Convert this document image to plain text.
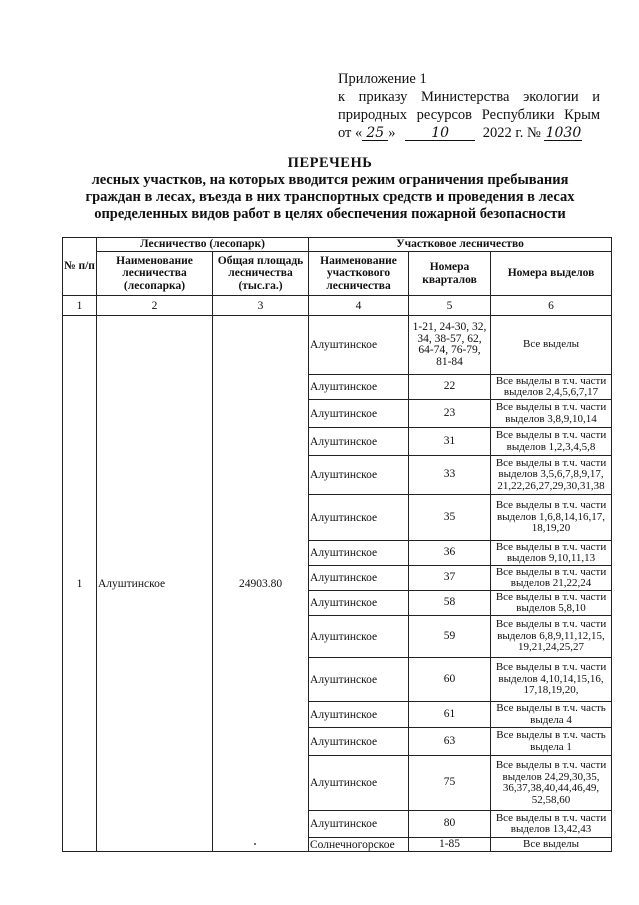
Приложение 1
к приказу Министерства экологии и
природных ресурсов Республики Крым
от « 25 »	10 2022 г. № 1030
ПЕРЕЧЕНЬ
лесных участков, на которых вводится режим ограничения пребывания
граждан в лесах, въезда в них транспортных средств и проведения в лесах
определенных видов работ в целях обеспечения пожарной безопасности
№ п/п	Лесничество (лесопарк)		Участковое лесничество		
	Наименование лесничества (лесопарка)	Общая площадь лесничества (тыс.га.)	Наименование участкового лесничества	Номера кварталов	Номера выделов
1	2	3	4	5	6
1	Алуштинское	24903.80	Алуштинское	1-21, 24-30, 32, 34, 38-57, 62, 64-74, 76-79, 81-84	Все выделы
			Алуштинское	22	Все выделы в т.ч. части выделов 2,4,5,6,7,17
			Алуштинское	23	Все выделы в т.ч. части выделов 3,8,9,10,14
			Алуштинское	31	Все выделы в т.ч. части выделов 1,2,3,4,5,8
			Алуштинское	33	Все выделы в т.ч. части выделов 3,5,6,7,8,9,17, 21,22,26,27,29,30,31,38
			Алуштинское	35	Все выделы в т.ч. части выделов 1,6,8,14,16,17, 18,19,20
			Алуштинское	36	Все выделы в т.ч. части выделов 9,10,11,13
			Алуштинское	37	Все выделы в т.ч. части выделов 21,22,24
			Алуштинское	58	Все выделы в т.ч. части выделов 5,8,10
			Алуштинское	59	Все выделы в т.ч. части выделов 6,8,9,11,12,15, 19,21,24,25,27
			Алуштинское	60	Все выделы в т.ч. части выделов 4,10,14,15,16, 17,18,19,20,
			Алуштинское	61	Все выделы в т.ч. часть выдела 4
			Алуштинское	63	Все выделы в т.ч. часть выдела 1
			Алуштинское	75	Все выделы в т.ч. части выделов 24,29,30,35, 36,37,38,40,44,46,49, 52,58,60
			Алуштинское	80	Все выделы в т.ч. части выделов 13,42,43
			Солнечногорское	1-85	Все выделы
